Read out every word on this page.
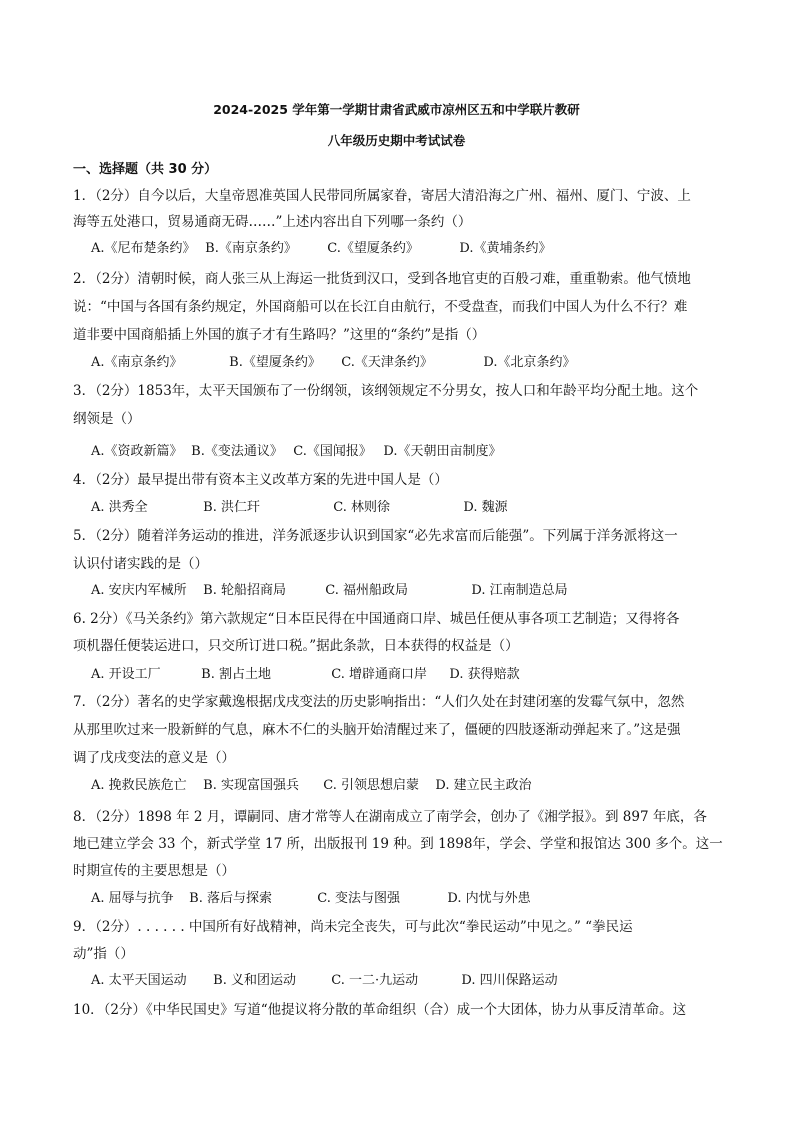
2024-2025 学年第一学期甘肃省武威市凉州区五和中学联片教研
八年级历史期中考试试卷
一、选择题（共 30 分）
1．（2分）自今以后，大皇帝恩准英国人民带同所属家眷，寄居大清沿海之广州、福州、厦门、宁波、上
海等五处港口，贸易通商无碍……”上述内容出自下列哪一条约（）
A.《尼布楚条约》 B.《南京条约》 C.《望厦条约》	D.《黄埔条约》
2．（2分）清朝时候，商人张三从上海运一批货到汉口，受到各地官吏的百般刁难，重重勒索。他气愤地
说：“中国与各国有条约规定，外国商船可以在长江自由航行，不受盘查，而我们中国人为什么不行？难
道非要中国商船插上外国的旗子才有生路吗？”这里的“条约”是指（）
A.《南京条约》	B.《望厦条约》 C.《天津条约》	D.《北京条约》
3．（2分）1853年，太平天国颁布了一份纲领，该纲领规定不分男女，按人口和年龄平均分配土地。这个
纲领是（）
A.《资政新篇》 B.《变法通议》 C.《国闻报》 D.《天朝田亩制度》
4．（2分）最早提出带有资本主义改革方案的先进中国人是（）
A. 洪秀全	B. 洪仁玕	C. 林则徐	D. 魏源
5．（2分）随着洋务运动的推进，洋务派逐步认识到国家“必先求富而后能强”。下列属于洋务派将这一
认识付诸实践的是（）
A. 安庆内军械所 B. 轮船招商局	C. 福州船政局	D. 江南制造总局
6. 2分）《马关条约》第六款规定“日本臣民得在中国通商口岸、城邑任便从事各项工艺制造；又得将各
项机器任便装运进口，只交所订进口税。”据此条款，日本获得的权益是（）
A. 开设工厂	B. 割占土地	C. 增辟通商口岸 D. 获得赔款
7．（2分）著名的史学家戴逸根据戊戌变法的历史影响指出：“人们久处在封建闭塞的发霉气氛中，忽然
从那里吹过来一股新鲜的气息，麻木不仁的头脑开始清醒过来了，僵硬的四肢逐渐动弹起来了。”这是强
调了戊戌变法的意义是（）
A. 挽救民族危亡 B. 实现富国强兵 C. 引领思想启蒙 D. 建立民主政治
8．（2分）1898 年 2 月，谭嗣同、唐才常等人在湖南成立了南学会，创办了《湘学报》。到 897 年底，各
地已建立学会 33 个，新式学堂 17 所，出版报刊 19 种。到 1898年，学会、学堂和报馆达 300 多个。这一
时期宣传的主要思想是（）
A. 屈辱与抗争 B. 落后与探索	C. 变法与图强	D. 内忧与外患
9．（2分）. . . . . . 中国所有好战精神，尚未完全丧失，可与此次“拳民运动”中见之。” “拳民运
动”指（）
A. 太平天国运动 B. 义和团运动	C. 一二·九运动	D. 四川保路运动
10．（2分）《中华民国史》写道“他提议将分散的革命组织（合）成一个大团体，协力从事反清革命。这
